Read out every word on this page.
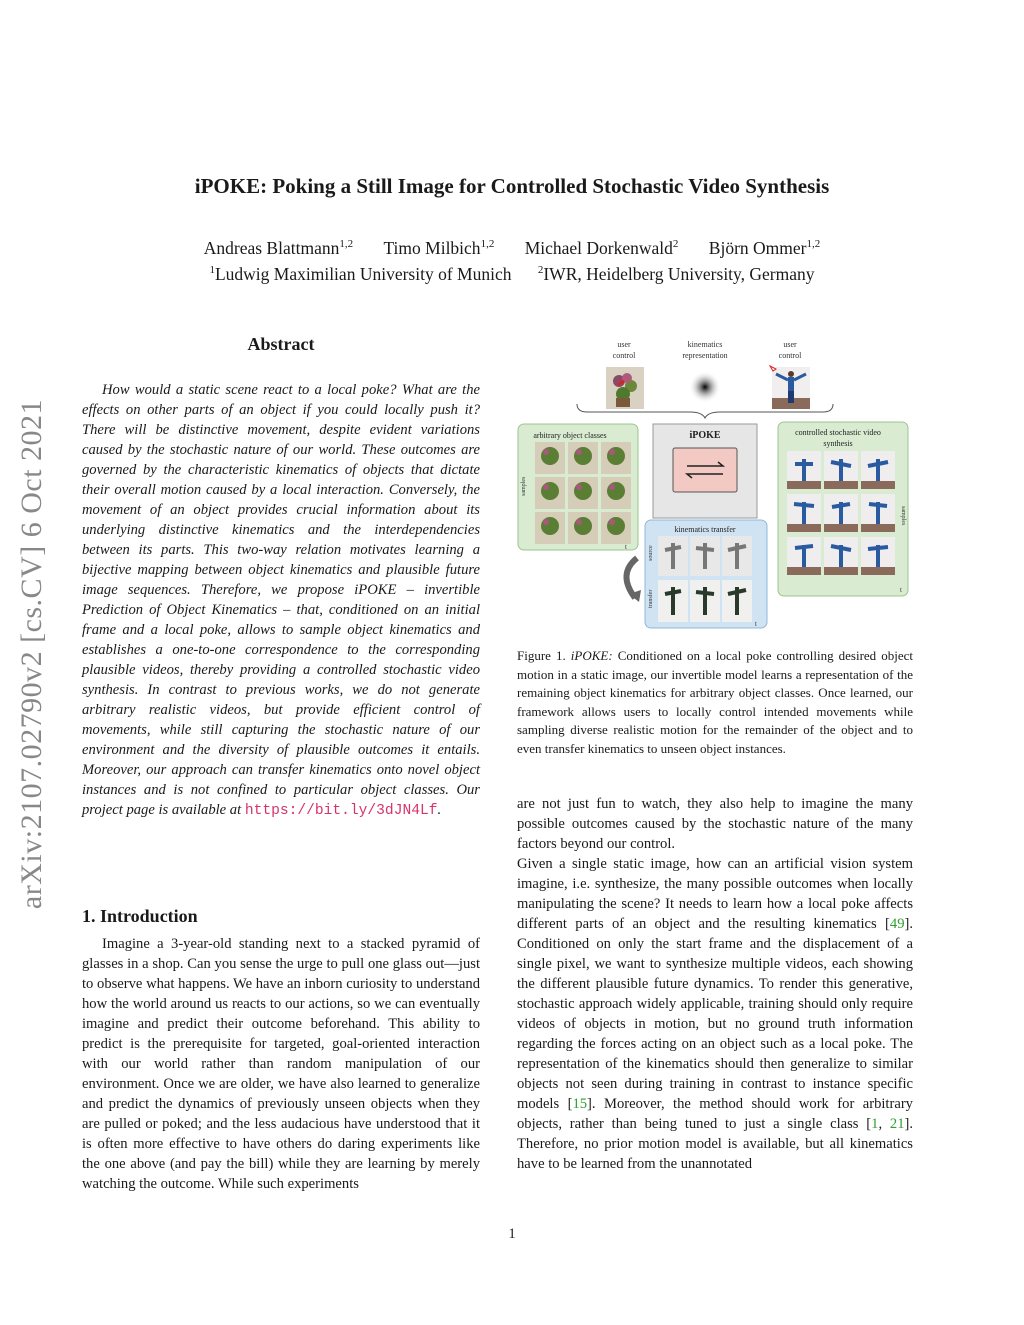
iPOKE: Poking a Still Image for Controlled Stochastic Video Synthesis
Andreas Blattmann$^{1,2}$ Timo Milbich$^{1,2}$ Michael Dorkenwald$^2$ Björn Ommer$^{1,2}$
$^1$Ludwig Maximilian University of Munich $^2$IWR, Heidelberg University, Germany
arXiv:2107.02790v2 [cs.CV] 6 Oct 2021
Abstract

How would a static scene react to a local poke? What are the effects on other parts of an object if you could locally push it? There will be distinctive movement, despite evident variations caused by the stochastic nature of our world. These outcomes are governed by the characteristic kinematics of objects that dictate their overall motion caused by a local interaction. Conversely, the movement of an object provides crucial information about its underlying distinctive kinematics and the interdependencies between its parts. This two-way relation motivates learning a bijective mapping between object kinematics and plausible future image sequences. Therefore, we propose iPOKE – invertible Prediction of Object Kinematics – that, conditioned on an initial frame and a local poke, allows to sample object kinematics and establishes a one-to-one correspondence to the corresponding plausible videos, thereby providing a controlled stochastic video synthesis. In contrast to previous works, we do not generate arbitrary realistic videos, but provide efficient control of movements, while still capturing the stochastic nature of our environment and the diversity of plausible outcomes it entails. Moreover, our approach can transfer kinematics onto novel object instances and is not confined to particular object classes. Our project page is available at https://bit.ly/3dJN4Lf.

1. Introduction

Imagine a 3-year-old standing next to a stacked pyramid of glasses in a shop. Can you sense the urge to pull one glass out—just to observe what happens. We have an inborn curiosity to understand how the world around us reacts to our actions, so we can eventually imagine and predict their outcome beforehand. This ability to predict is the prerequisite for targeted, goal-oriented interaction with our world rather than random manipulation of our environment. Once we are older, we have also learned to generalize and predict the dynamics of previously unseen objects when they are pulled or poked; and the less audacious have understood that it is often more effective to have others do daring experiments like the one above (and pay the bill) while they are learning by merely watching the outcome. While such experiments

user
control
kinematics
representation
user
control
arbitrary object classes
samples
t
iPOKE	controlled stochastic video
synthesis
samples
t
kinematics transfer
source
transfer
t
Figure 1. iPOKE: Conditioned on a local poke controlling desired object motion in a static image, our invertible model learns a representation of the remaining object kinematics for arbitrary object classes. Once learned, our framework allows users to locally control intended movements while sampling diverse realistic motion for the remainder of the object and to even transfer kinematics to unseen object instances.

are not just fun to watch, they also help to imagine the many possible outcomes caused by the stochastic nature of the many factors beyond our control.

Given a single static image, how can an artificial vision system imagine, i.e. synthesize, the many possible outcomes when locally manipulating the scene? It needs to learn how a local poke affects different parts of an object and the resulting kinematics [49]. Conditioned on only the start frame and the displacement of a single pixel, we want to synthesize multiple videos, each showing the different plausible future dynamics. To render this generative, stochastic approach widely applicable, training should only require videos of objects in motion, but no ground truth information regarding the forces acting on an object such as a local poke. The representation of the kinematics should then generalize to similar objects not seen during training in contrast to instance specific models [15]. Moreover, the method should work for arbitrary objects, rather than being tuned to just a single class [1, 21]. Therefore, no prior motion model is available, but all kinematics have to be learned from the unannotated

1
